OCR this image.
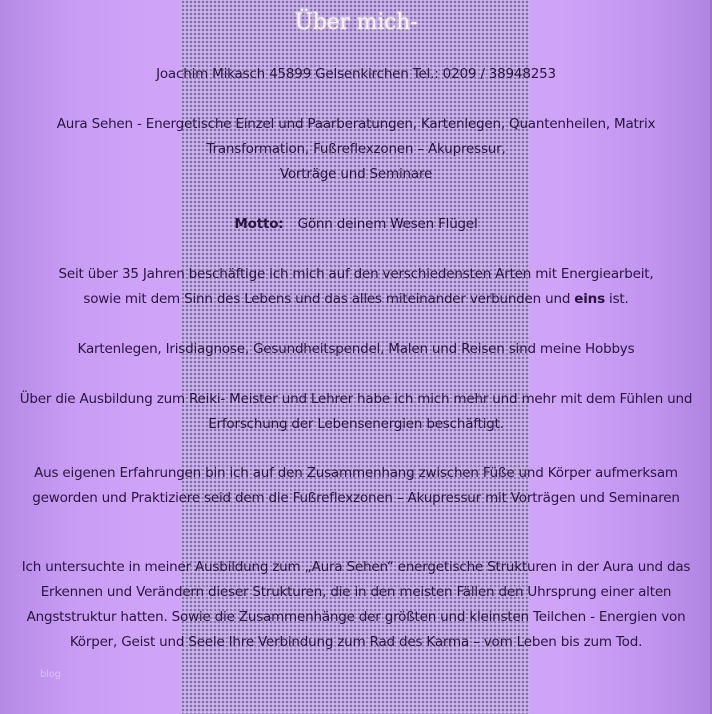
Über mich-
Joachim Mikasch 45899 Gelsenkirchen Tel.: 0209 / 38948253
Aura Sehen - Energetische Einzel und Paarberatungen, Kartenlegen, Quantenheilen, Matrix
Transformation, Fußreflexzonen – Akupressur,
Vorträge und Seminare
Motto: Gönn deinem Wesen Flügel
Seit über 35 Jahren beschäftige ich mich auf den verschiedensten Arten mit Energiearbeit,
sowie mit dem Sinn des Lebens und das alles miteinander verbunden und eins ist.
Kartenlegen, Irisdiagnose, Gesundheitspendel, Malen und Reisen sind meine Hobbys
Über die Ausbildung zum Reiki- Meister und Lehrer habe ich mich mehr und mehr mit dem Fühlen und
Erforschung der Lebensenergien beschäftigt.
Aus eigenen Erfahrungen bin ich auf den Zusammenhang zwischen Füße und Körper aufmerksam
geworden und Praktiziere seid dem die Fußreflexzonen – Akupressur mit Vorträgen und Seminaren
Ich untersuchte in meiner Ausbildung zum „Aura Sehen“ energetische Strukturen in der Aura und das
Erkennen und Verändern dieser Strukturen, die in den meisten Fällen den Uhrsprung einer alten
Angststruktur hatten. Sowie die Zusammenhänge der größten und kleinsten Teilchen - Energien von
Körper, Geist und Seele Ihre Verbindung zum Rad des Karma – vom Leben bis zum Tod.
blog
